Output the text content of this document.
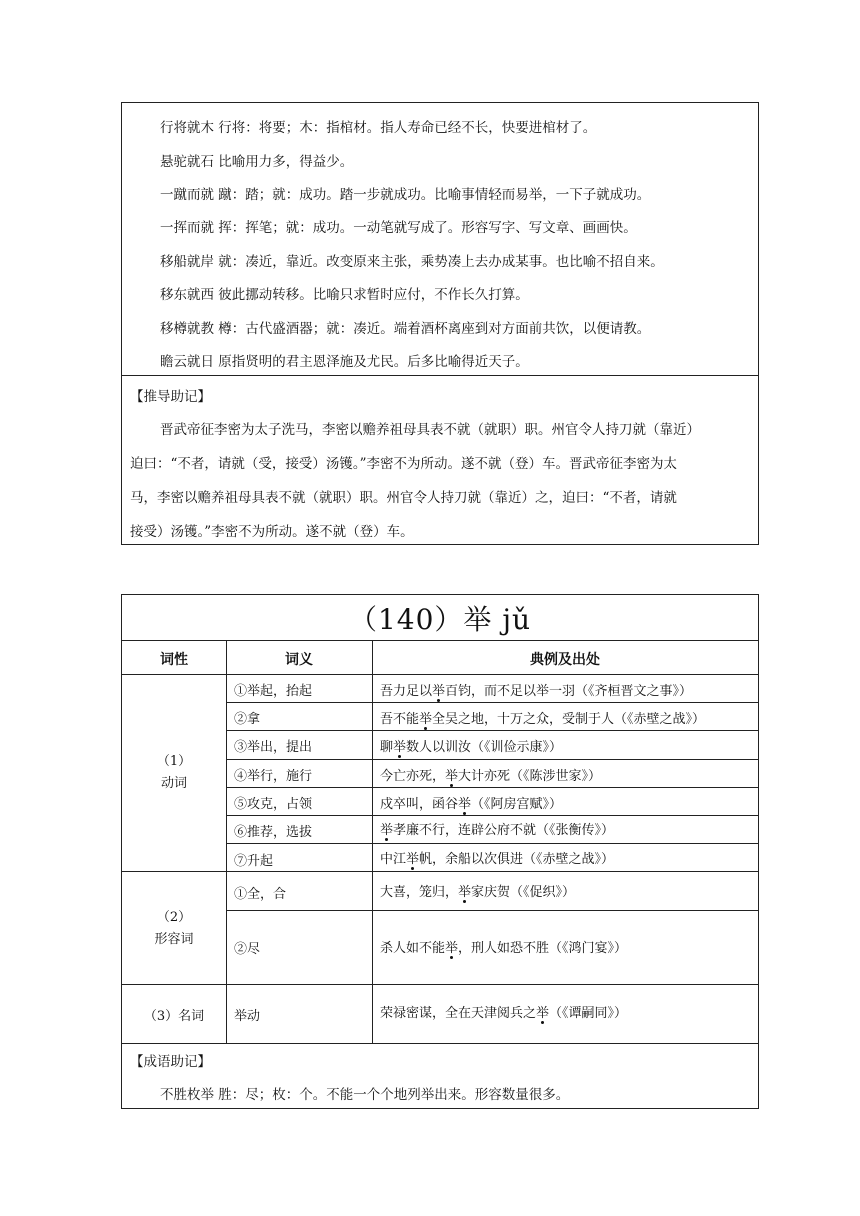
行将就木 行将：将要；木：指棺材。指人寿命已经不长，快要进棺材了。
悬驼就石 比喻用力多，得益少。
一蹴而就 蹴：踏；就：成功。踏一步就成功。比喻事情轻而易举，一下子就成功。
一挥而就 挥：挥笔；就：成功。一动笔就写成了。形容写字、写文章、画画快。
移船就岸 就：凑近，靠近。改变原来主张，乘势凑上去办成某事。也比喻不招自来。
移东就西 彼此挪动转移。比喻只求暂时应付，不作长久打算。
移樽就教 樽：古代盛酒器；就：凑近。端着酒杯离座到对方面前共饮，以便请教。
瞻云就日 原指贤明的君主恩泽施及尤民。后多比喻得近天子。
【推导助记】
晋武帝征李密为太子洗马，李密以赡养祖母具表不就（就职）职。州官令人持刀就（靠近）
迫曰：“不者，请就（受，接受）汤镬。”李密不为所动。遂不就（登）车。晋武帝征李密为太
马，李密以赡养祖母具表不就（就职）职。州官令人持刀就（靠近）之，迫曰：“不者，请就
接受）汤镬。”李密不为所动。遂不就（登）车。
（140）举 jǔ
词性	词义	典例及出处
（1）
动词
①举起，抬起	吾力足以举百钧，而不足以举一羽（《齐桓晋文之事》）
②拿	吾不能举全吴之地，十万之众，受制于人（《赤壁之战》）
③举出，提出	聊举数人以训汝（《训俭示康》）
④举行，施行	今亡亦死，举大计亦死（《陈涉世家》）
⑤攻克，占领	戍卒叫，函谷举（《阿房宫赋》）
⑥推荐，选拔	举孝廉不行，连辟公府不就（《张衡传》）
⑦升起	中江举帆，余船以次俱进（《赤壁之战》）
（2）
形容词
①全，合	大喜，笼归，举家庆贺（《促织》）
②尽	杀人如不能举，刑人如恐不胜（《鸿门宴》）
（3）名词	举动	荣禄密谋，全在天津阅兵之举（《谭嗣同》）
【成语助记】
不胜枚举 胜：尽；枚：个。不能一个个地列举出来。形容数量很多。
